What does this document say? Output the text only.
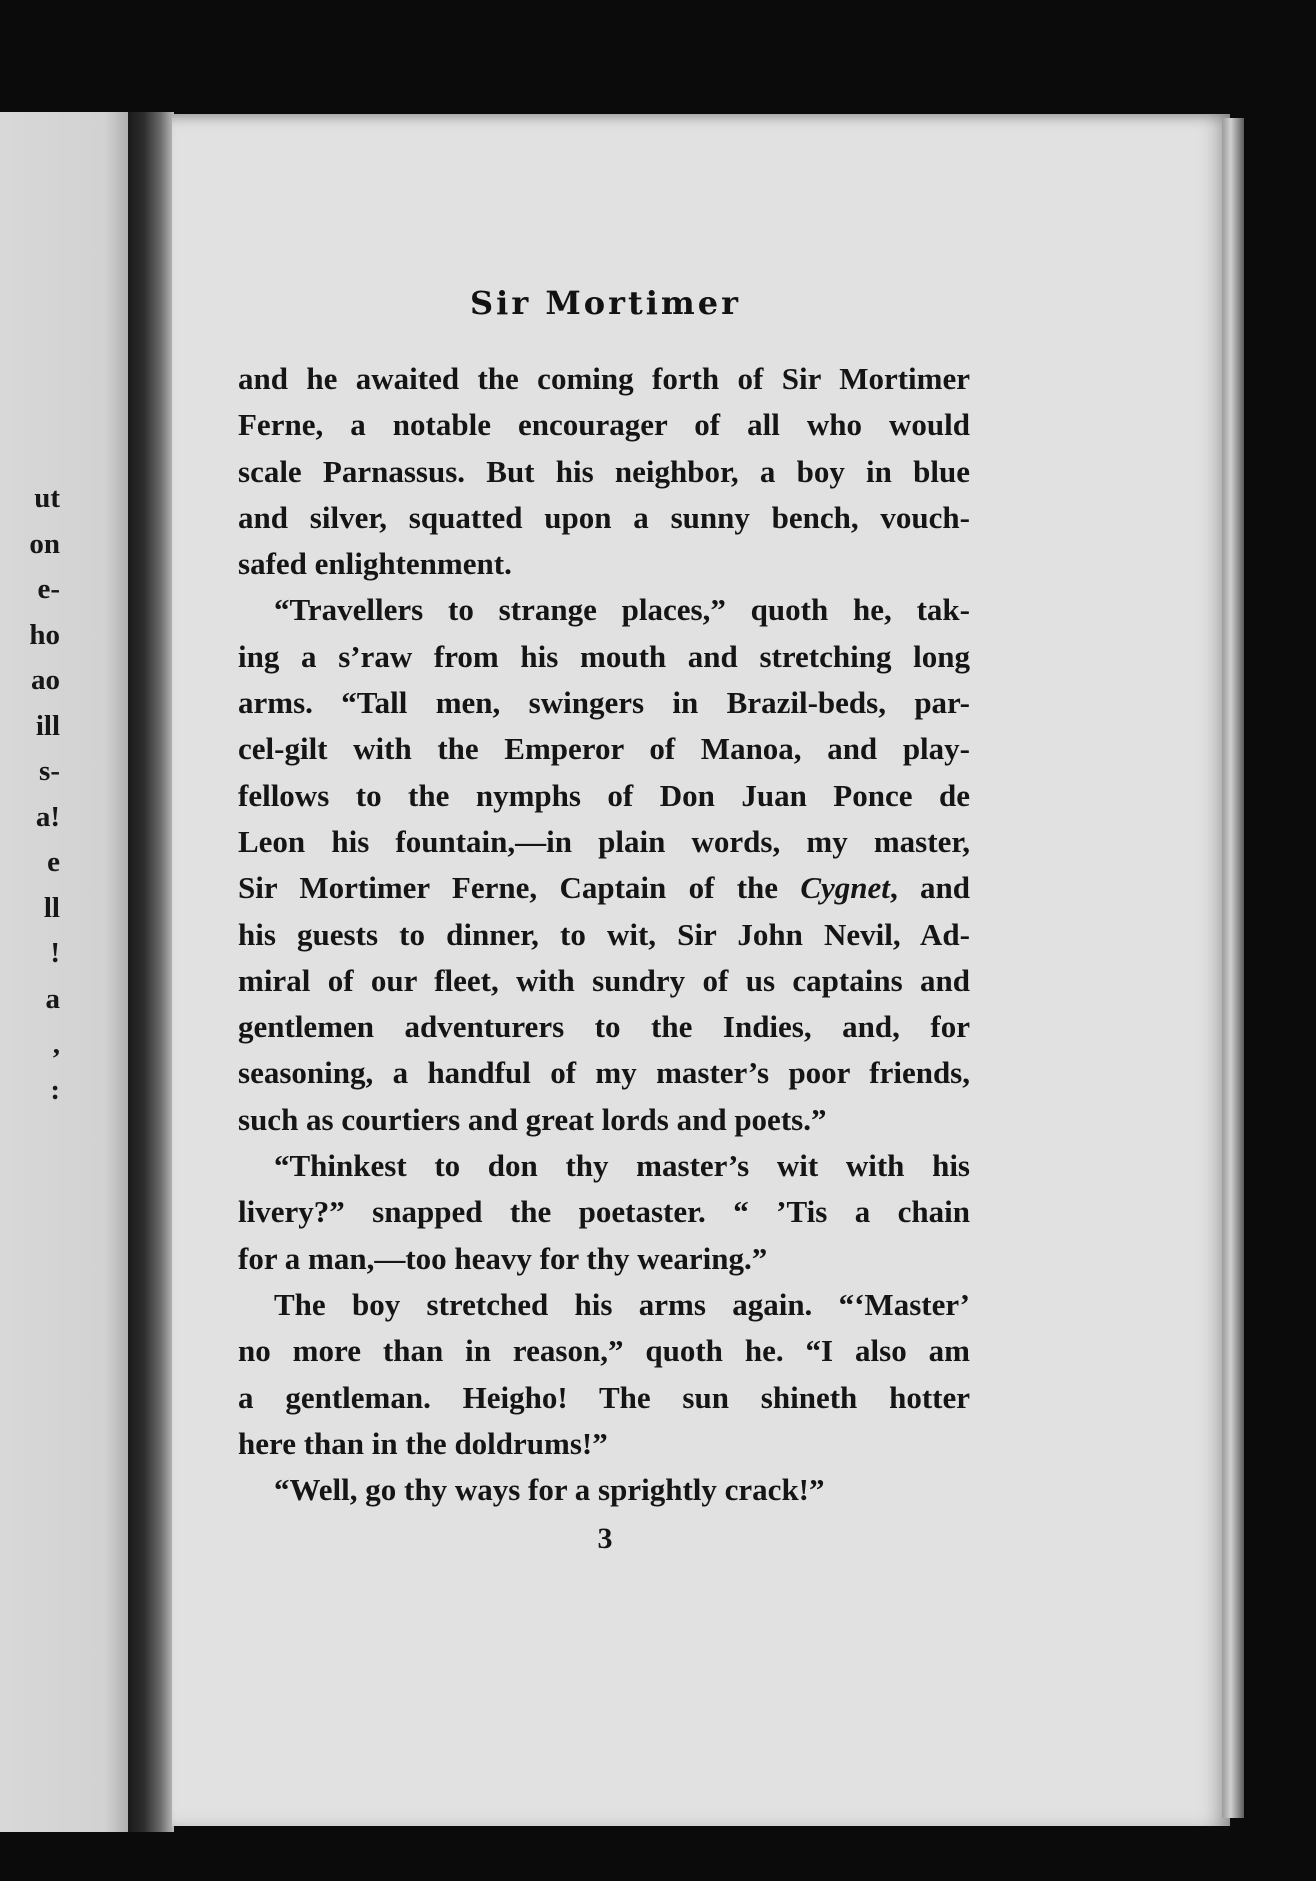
ut
on
e-
ho
ao
ill
s-
a!
e
ll
!
a
,
:
Sir Mortimer
and he awaited the coming forth of Sir Mortimer
Ferne, a notable encourager of all who would
scale Parnassus. But his neighbor, a boy in blue
and silver, squatted upon a sunny bench, vouch-
safed enlightenment.
“Travellers to strange places,” quoth he, tak-
ing a s’raw from his mouth and stretching long
arms. “Tall men, swingers in Brazil-beds, par-
cel-gilt with the Emperor of Manoa, and play-
fellows to the nymphs of Don Juan Ponce de
Leon his fountain,—in plain words, my master,
Sir Mortimer Ferne, Captain of the Cygnet, and
his guests to dinner, to wit, Sir John Nevil, Ad-
miral of our fleet, with sundry of us captains and
gentlemen adventurers to the Indies, and, for
seasoning, a handful of my master’s poor friends,
such as courtiers and great lords and poets.”
“Thinkest to don thy master’s wit with his
livery?” snapped the poetaster. “ ’Tis a chain
for a man,—too heavy for thy wearing.”
The boy stretched his arms again. “‘Master’
no more than in reason,” quoth he. “I also am
a gentleman. Heigho! The sun shineth hotter
here than in the doldrums!”
“Well, go thy ways for a sprightly crack!”
3
